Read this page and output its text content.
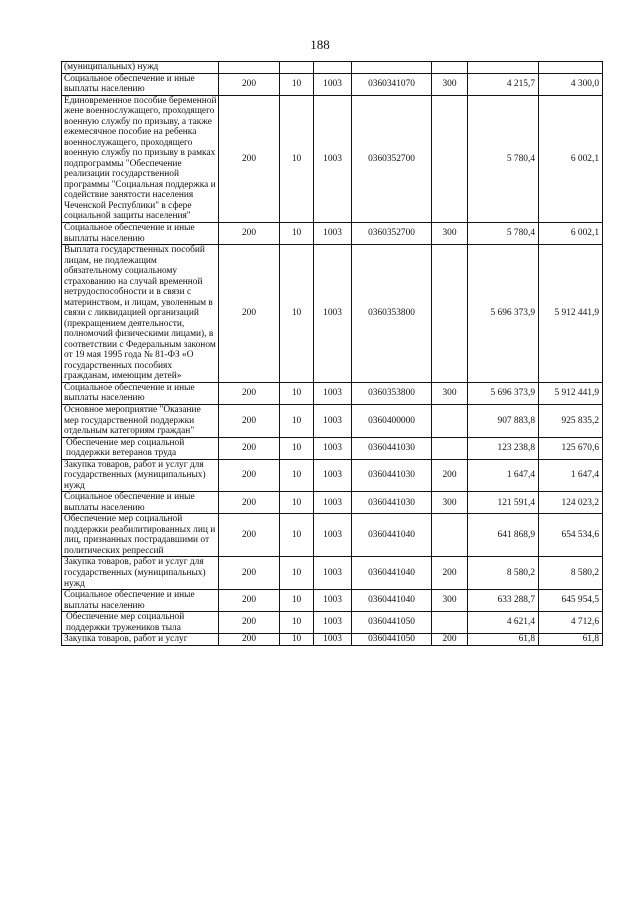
188
(муниципальных) нужд							
Социальное обеспечение и иные выплаты населению	200	10	1003	0360341070	300	4 215,7	4 300,0
Единовременное пособие беременной жене военнослужащего, проходящего военную службу по призыву, а также ежемесячное пособие на ребенка военнослужащего, проходящего военную службу по призыву в рамках подпрограммы "Обеспечение реализации государственной программы "Социальная поддержка и содействие занятости населения Чеченской Республики" в сфере социальной защиты населения"	200	10	1003	0360352700		5 780,4	6 002,1
Социальное обеспечение и иные выплаты населению	200	10	1003	0360352700	300	5 780,4	6 002,1
Выплата государственных пособий лицам, не подлежащим обязательному социальному страхованию на случай временной нетрудоспособности и в связи с материнством, и лицам, уволенным в связи с ликвидацией организаций (прекращением деятельности, полномочий физическими лицами), в соответствии с Федеральным законом от 19 мая 1995 года № 81-ФЗ «О государственных пособиях гражданам, имеющим детей»	200	10	1003	0360353800		5 696 373,9	5 912 441,9
Социальное обеспечение и иные выплаты населению	200	10	1003	0360353800	300	5 696 373,9	5 912 441,9
Основное мероприятие "Оказание мер государственной поддержки отдельным категориям граждан"	200	10	1003	0360400000		907 883,8	925 835,2
Обеспечение мер социальной поддержки ветеранов труда	200	10	1003	0360441030		123 238,8	125 670,6
Закупка товаров, работ и услуг для государственных (муниципальных) нужд	200	10	1003	0360441030	200	1 647,4	1 647,4
Социальное обеспечение и иные выплаты населению	200	10	1003	0360441030	300	121 591,4	124 023,2
Обеспечение мер социальной поддержки реабилитированных лиц и лиц, признанных пострадавшими от политических репрессий	200	10	1003	0360441040		641 868,9	654 534,6
Закупка товаров, работ и услуг для государственных (муниципальных) нужд	200	10	1003	0360441040	200	8 580,2	8 580,2
Социальное обеспечение и иные выплаты населению	200	10	1003	0360441040	300	633 288,7	645 954,5
Обеспечение мер социальной поддержки тружеников тыла	200	10	1003	0360441050		4 621,4	4 712,6
Закупка товаров, работ и услуг	200	10	1003	0360441050	200	61,8	61,8
